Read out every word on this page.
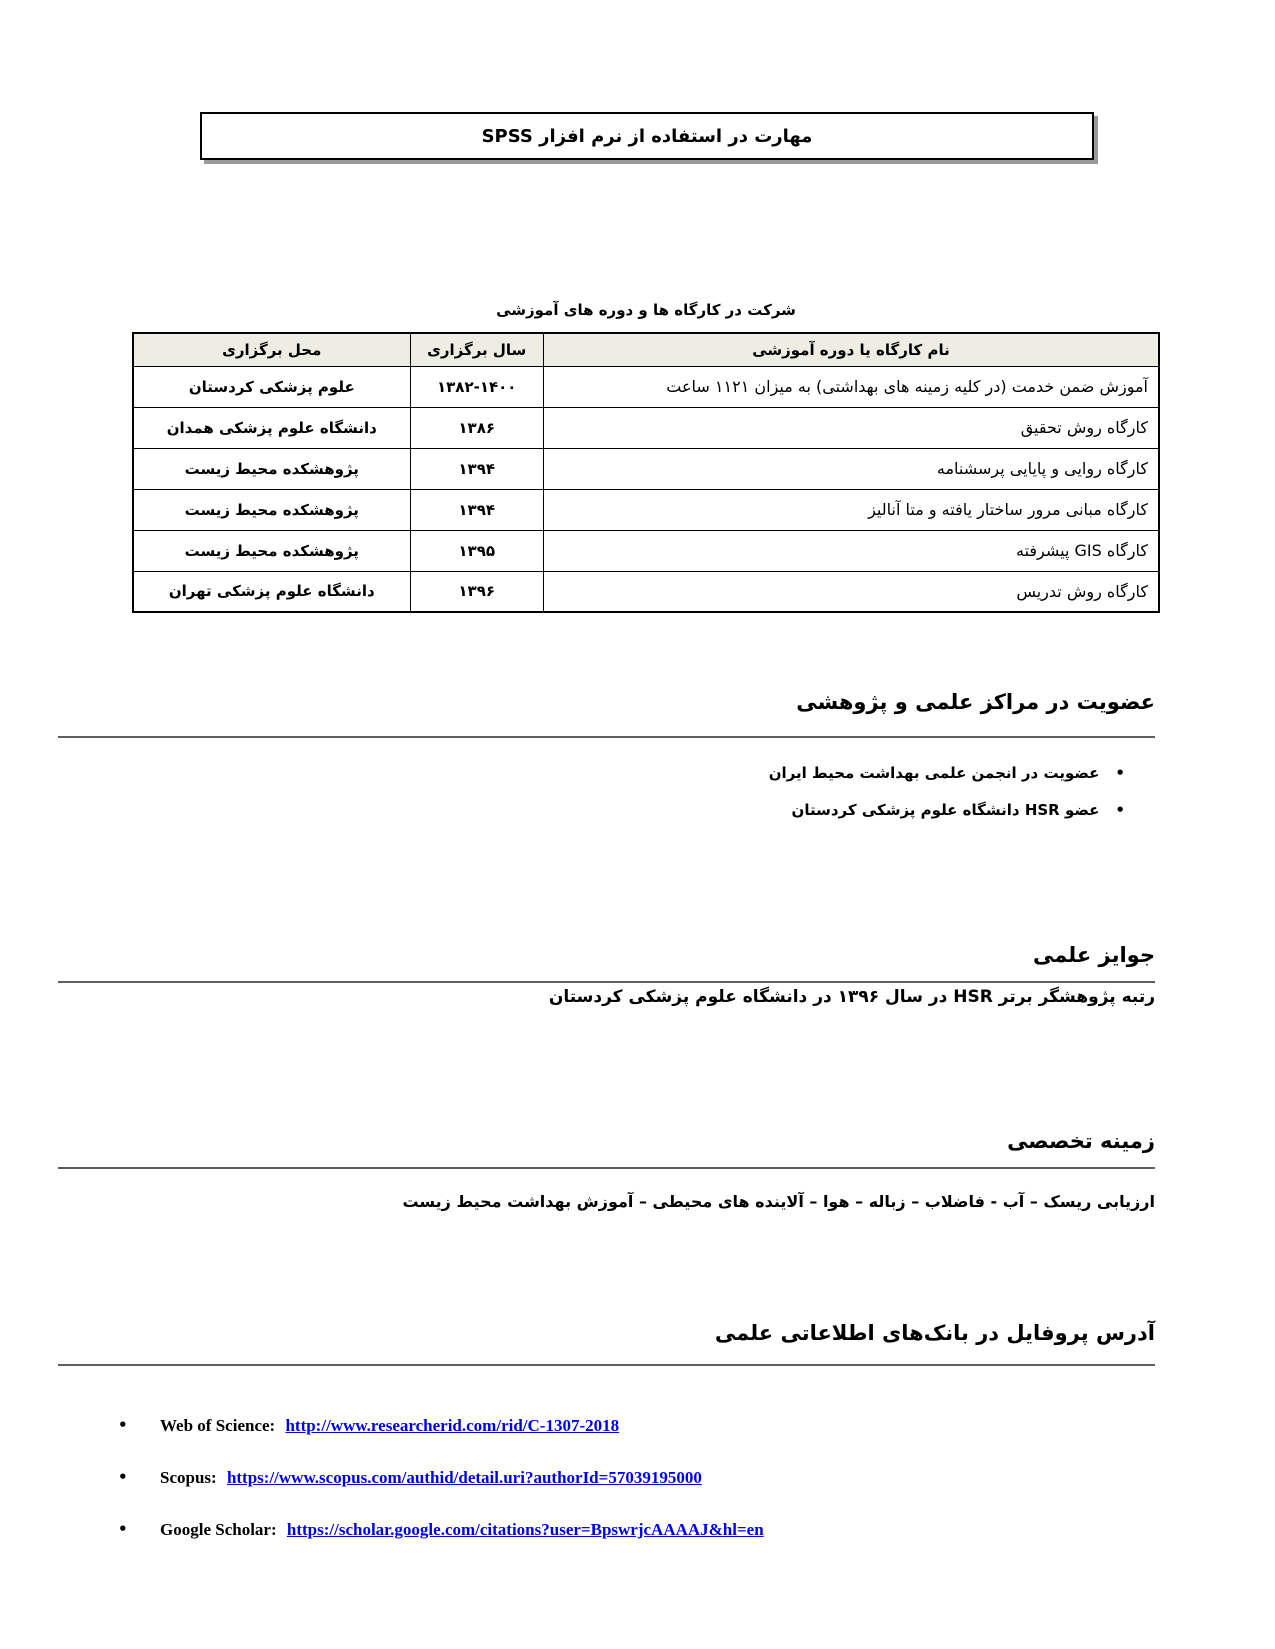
مهارت در استفاده از نرم افزار SPSS
شرکت در کارگاه ها و دوره های آموزشی
نام کارگاه یا دوره آموزشی	سال برگزاری	محل برگزاری
آموزش ضمن خدمت (در کلیه زمینه های بهداشتی) به میزان ۱۱۲۱ ساعت	۱۳۸۲-۱۴۰۰	علوم پزشکی کردستان
کارگاه روش تحقیق	۱۳۸۶	دانشگاه علوم پزشکی همدان
کارگاه روایی و پایایی پرسشنامه	۱۳۹۴	پژوهشکده محیط زیست
کارگاه مبانی مرور ساختار یافته و متا آنالیز	۱۳۹۴	پژوهشکده محیط زیست
کارگاه GIS پیشرفته	۱۳۹۵	پژوهشکده محیط زیست
کارگاه روش تدریس	۱۳۹۶	دانشگاه علوم پزشکی تهران
عضویت در مراکز علمی و پژوهشی
•عضویت در انجمن علمی بهداشت محیط ایران
•عضو HSR دانشگاه علوم پزشکی کردستان
جوایز علمی
رتبه پژوهشگر برتر HSR در سال ۱۳۹۶ در دانشگاه علوم پزشکی کردستان
زمینه تخصصی
ارزیابی ریسک – آب - فاضلاب – زباله – هوا – آلاینده های محیطی – آموزش بهداشت محیط زیست
آدرس پروفایل در بانک‌های اطلاعاتی علمی
• Web of Science: http://www.researcherid.com/rid/C-1307-2018
• Scopus: https://www.scopus.com/authid/detail.uri?authorId=57039195000
• Google Scholar: https://scholar.google.com/citations?user=BpswrjcAAAAJ&hl=en
